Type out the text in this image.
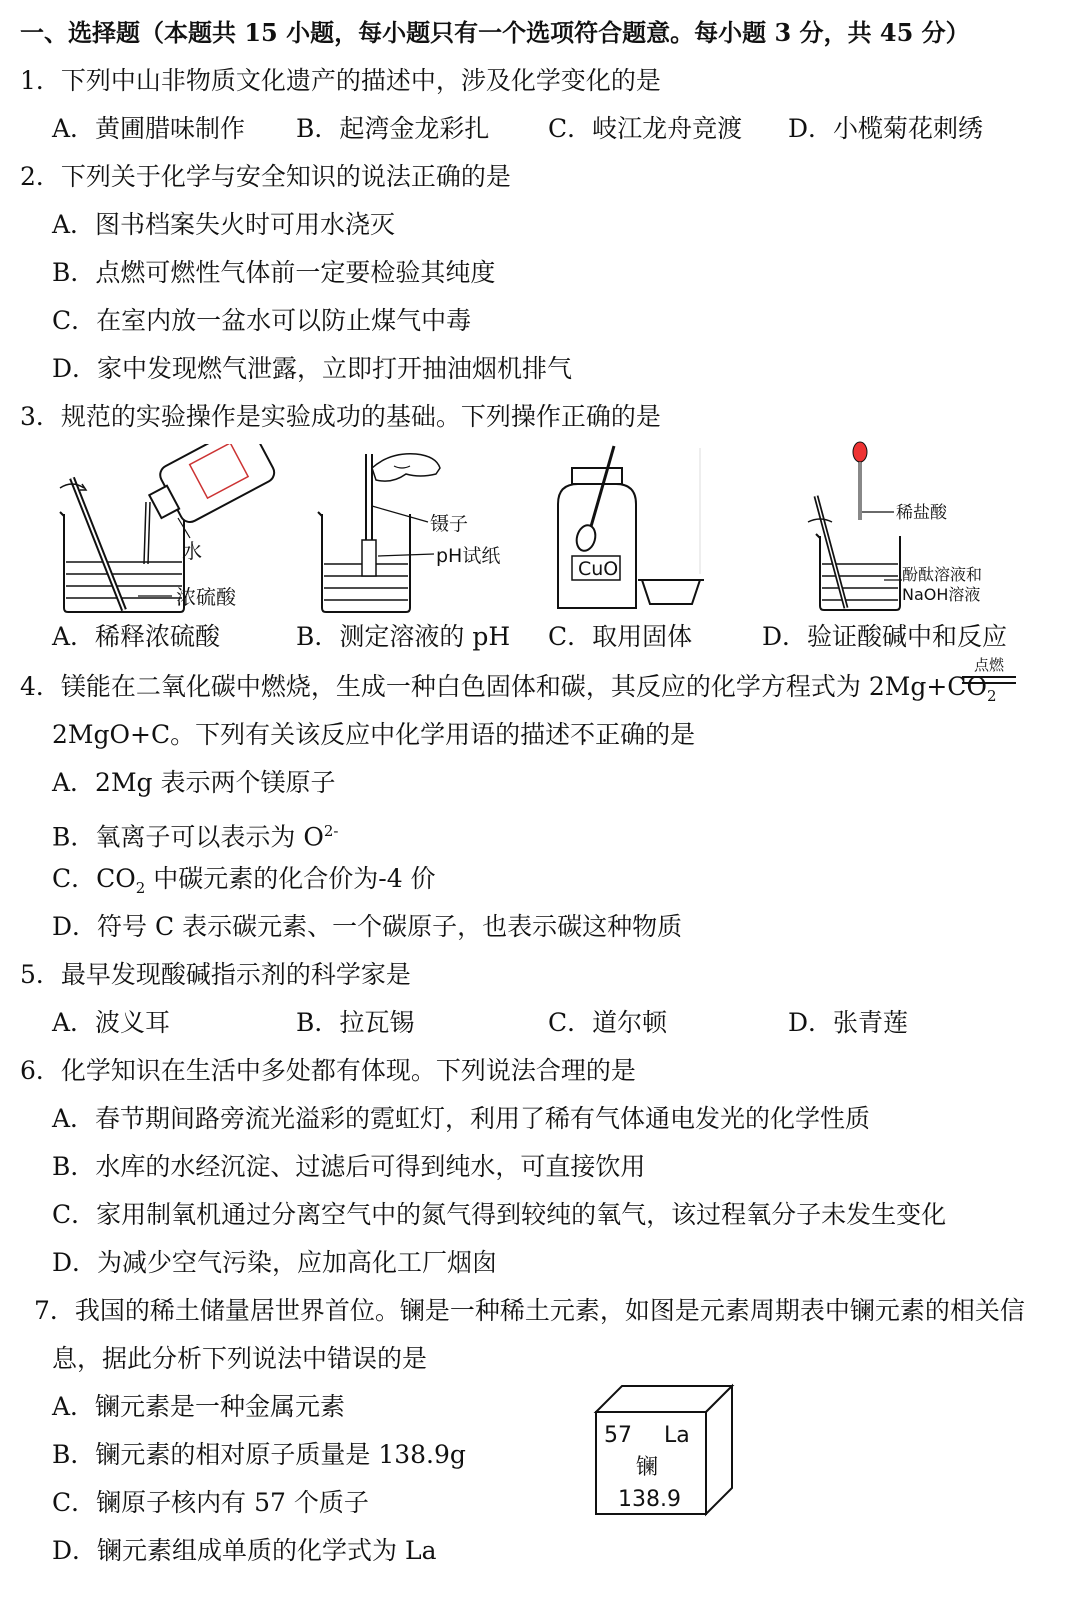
一、选择题（本题共 15 小题，每小题只有一个选项符合题意。每小题 3 分，共 45 分）
1．下列中山非物质文化遗产的描述中，涉及化学变化的是
A．黄圃腊味制作 B．起湾金龙彩扎 C．岐江龙舟竞渡 D．小榄菊花刺绣
2．下列关于化学与安全知识的说法正确的是
A．图书档案失火时可用水浇灭
B．点燃可燃性气体前一定要检验其纯度
C．在室内放一盆水可以防止煤气中毒
D．家中发现燃气泄露，立即打开抽油烟机排气
3．规范的实验操作是实验成功的基础。下列操作正确的是
水
浓硫酸
镊子
pH试纸
CuO
稀盐酸
酚酞溶液和
NaOH溶液
A．稀释浓硫酸	B．测定溶液的 pH C．取用固体	D．验证酸碱中和反应
4．镁能在二氧化碳中燃烧，生成一种白色固体和碳，其反应的化学方程式为 $2Mg+CO_2$
点燃
2MgO+C。下列有关该反应中化学用语的描述不正确 • • •的是
A．2Mg 表示两个镁原子
B．氧离子可以表示为 $O^{2-}$
C．$CO_2$ 中碳元素的化合价为-4 价
D．符号 C 表示碳元素、一个碳原子，也表示碳这种物质
5．最早发现酸碱指示剂的科学家是
A．波义耳	B．拉瓦锡	C．道尔顿	D．张青莲
6．化学知识在生活中多处都有体现。下列说法合理的是
A．春节期间路旁流光溢彩的霓虹灯，利用了稀有气体通电发光的化学性质
B．水库的水经沉淀、过滤后可得到纯水，可直接饮用
C．家用制氧机通过分离空气中的氮气得到较纯的氧气，该过程氧分子未发生变化
D．为减少空气污染，应加高化工厂烟囱
7．我国的稀土储量居世界首位。镧是一种稀土元素，如图是元素周期表中镧元素的相关信
息，据此分析下列说法中错误 • •的是
A．镧元素是一种金属元素
B．镧元素的相对原子质量是 138.9g
C．镧原子核内有 57 个质子
D．镧元素组成单质的化学式为 La
57 La
镧
138.9
